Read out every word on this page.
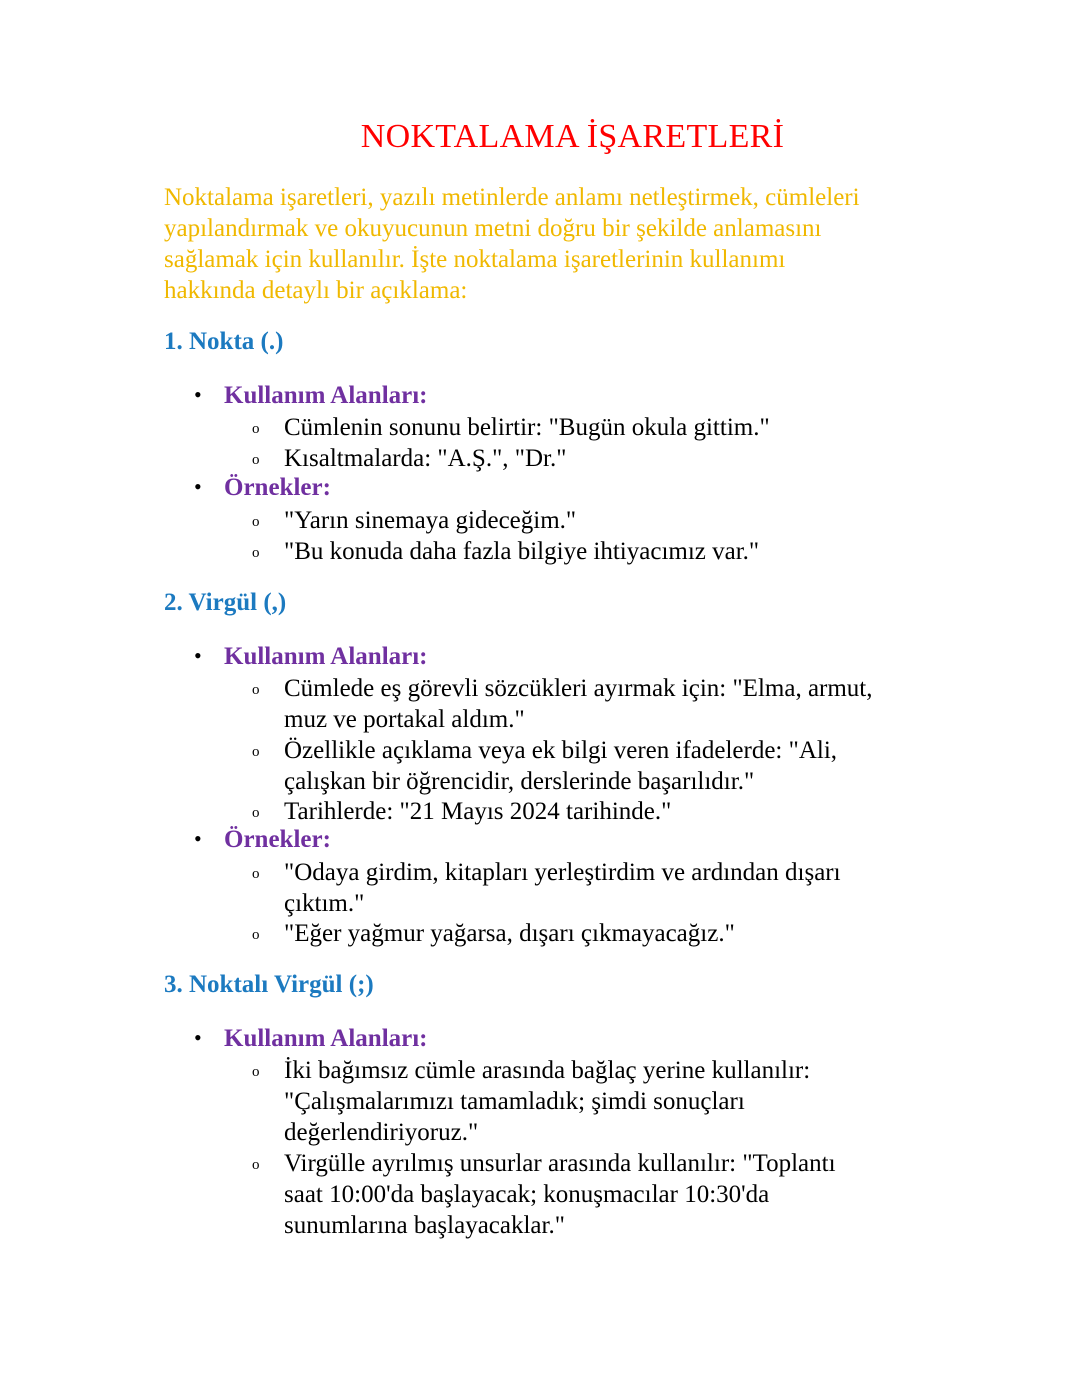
NOKTALAMA İŞARETLERİ

Noktalama işaretleri, yazılı metinlerde anlamı netleştirmek, cümleleri
yapılandırmak ve okuyucunun metni doğru bir şekilde anlamasını
sağlamak için kullanılır. İşte noktalama işaretlerinin kullanımı
hakkında detaylı bir açıklama:

1. Nokta (.)
• Kullanım Alanları:
o Cümlenin sonunu belirtir: "Bugün okula gittim."
o Kısaltmalarda: "A.Ş.", "Dr."
• Örnekler:
o "Yarın sinemaya gideceğim."
o "Bu konuda daha fazla bilgiye ihtiyacımız var."
2. Virgül (,)
• Kullanım Alanları:
o Cümlede eş görevli sözcükleri ayırmak için: "Elma, armut,
muz ve portakal aldım."
o Özellikle açıklama veya ek bilgi veren ifadelerde: "Ali,
çalışkan bir öğrencidir, derslerinde başarılıdır."
o Tarihlerde: "21 Mayıs 2024 tarihinde."
• Örnekler:
o "Odaya girdim, kitapları yerleştirdim ve ardından dışarı
çıktım."
o "Eğer yağmur yağarsa, dışarı çıkmayacağız."
3. Noktalı Virgül (;)
• Kullanım Alanları:
o İki bağımsız cümle arasında bağlaç yerine kullanılır:
"Çalışmalarımızı tamamladık; şimdi sonuçları
değerlendiriyoruz."
o Virgülle ayrılmış unsurlar arasında kullanılır: "Toplantı
saat 10:00'da başlayacak; konuşmacılar 10:30'da
sunumlarına başlayacaklar."
